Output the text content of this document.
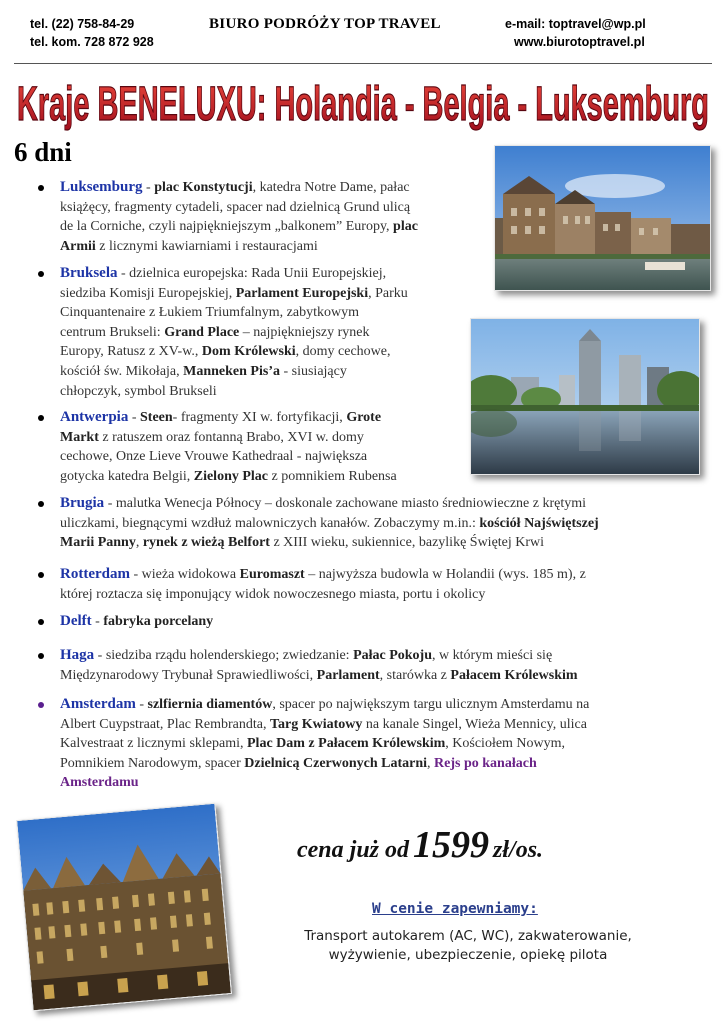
tel. (22) 758-84-29
tel. kom. 728 872 928
BIURO PODRÓŻY TOP TRAVEL	e-mail: toptravel@wp.pl
www.biurotoptravel.pl
Kraje BENELUXU: Holandia - Belgia - Luksemburg
6 dni
Luksemburg - plac Konstytucji, katedra Notre Dame, pałac
książęcy, fragmenty cytadeli, spacer nad dzielnicą Grund ulicą
de la Corniche, czyli najpiękniejszym „balkonem” Europy, plac
Armii z licznymi kawiarniami i restauracjami
Bruksela - dzielnica europejska: Rada Unii Europejskiej,
siedziba Komisji Europejskiej, Parlament Europejski, Parku
Cinquantenaire z Łukiem Triumfalnym, zabytkowym
centrum Brukseli: Grand Place – najpiękniejszy rynek
Europy, Ratusz z XV-w., Dom Królewski, domy cechowe,
kościół św. Mikołaja, Manneken Pis’a - siusiający
chłopczyk, symbol Brukseli
Antwerpia - Steen- fragmenty XI w. fortyfikacji, Grote
Markt z ratuszem oraz fontanną Brabo, XVI w. domy
cechowe, Onze Lieve Vrouwe Kathedraal - największa
gotycka katedra Belgii, Zielony Plac z pomnikiem Rubensa
Brugia - malutka Wenecja Północy – doskonale zachowane miasto średniowieczne z krętymi
uliczkami, biegnącymi wzdłuż malowniczych kanałów. Zobaczymy m.in.: kościół Najświętszej
Marii Panny, rynek z wieżą Belfort z XIII wieku, sukiennice, bazylikę Świętej Krwi
Rotterdam - wieża widokowa Euromaszt – najwyższa budowla w Holandii (wys. 185 m), z
której roztacza się imponujący widok nowoczesnego miasta, portu i okolicy
Delft - fabryka porcelany
Haga - siedziba rządu holenderskiego; zwiedzanie: Pałac Pokoju, w którym mieści się
Międzynarodowy Trybunał Sprawiedliwości, Parlament, starówka z Pałacem Królewskim
Amsterdam - szlfiernia diamentów, spacer po największym targu ulicznym Amsterdamu na
Albert Cuypstraat, Plac Rembrandta, Targ Kwiatowy na kanale Singel, Wieża Mennicy, ulica
Kalvestraat z licznymi sklepami, Plac Dam z Pałacem Królewskim, Kościołem Nowym,
Pomnikiem Narodowym, spacer Dzielnicą Czerwonych Latarni, Rejs po kanałach
Amsterdamu
cena już od 1599 zł/os.
W cenie zapewniamy:
Transport autokarem (AC, WC), zakwaterowanie,
wyżywienie, ubezpieczenie, opiekę pilota
